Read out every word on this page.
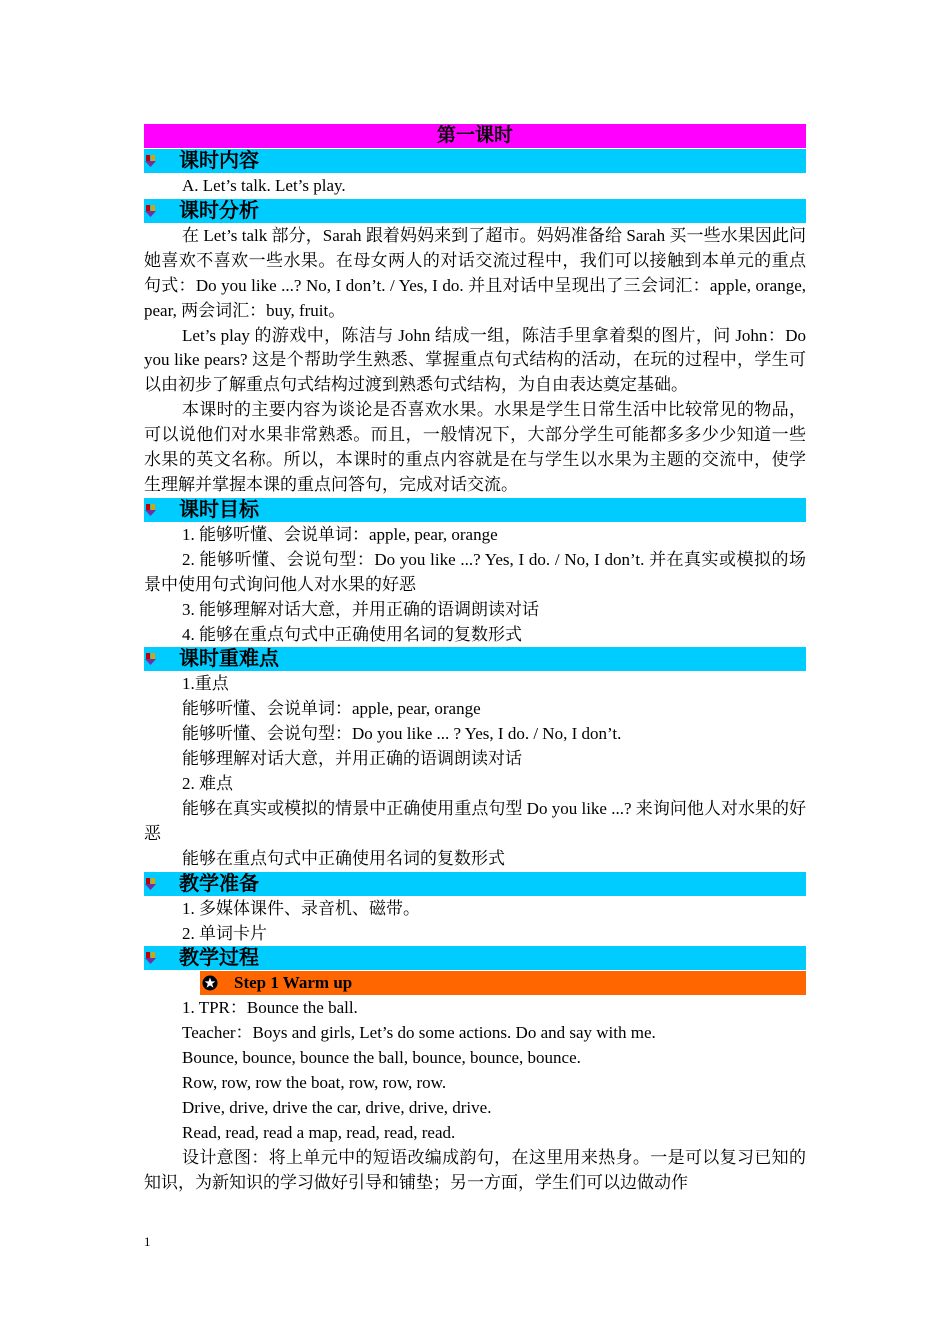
第一课时
课时内容

A. Let’s talk. Let’s play.

课时分析

在 Let’s talk 部分，Sarah 跟着妈妈来到了超市。妈妈准备给 Sarah 买一些水果因此问她喜欢不喜欢一些水果。在母女两人的对话交流过程中，我们可以接触到本单元的重点句式：Do you like ...? No, I don’t. / Yes, I do. 并且对话中呈现出了三会词汇：apple, orange, pear, 两会词汇：buy, fruit。

Let’s play 的游戏中，陈洁与 John 结成一组，陈洁手里拿着梨的图片，问 John：Do you like pears? 这是个帮助学生熟悉、掌握重点句式结构的活动，在玩的过程中，学生可以由初步了解重点句式结构过渡到熟悉句式结构，为自由表达奠定基础。

本课时的主要内容为谈论是否喜欢水果。水果是学生日常生活中比较常见的物品，可以说他们对水果非常熟悉。而且，一般情况下，大部分学生可能都多多少少知道一些水果的英文名称。所以，本课时的重点内容就是在与学生以水果为主题的交流中，使学生理解并掌握本课的重点问答句，完成对话交流。

课时目标

1. 能够听懂、会说单词：apple, pear, orange

2. 能够听懂、会说句型：Do you like ...? Yes, I do. / No, I don’t. 并在真实或模拟的场景中使用句式询问他人对水果的好恶

3. 能够理解对话大意，并用正确的语调朗读对话

4. 能够在重点句式中正确使用名词的复数形式

课时重难点

1.重点

能够听懂、会说单词：apple, pear, orange

能够听懂、会说句型：Do you like ... ? Yes, I do. / No, I don’t.

能够理解对话大意，并用正确的语调朗读对话

2. 难点

能够在真实或模拟的情景中正确使用重点句型 Do you like ...? 来询问他人对水果的好恶

能够在重点句式中正确使用名词的复数形式

教学准备

1. 多媒体课件、录音机、磁带。

2. 单词卡片

教学过程
Step 1 Warm up

1. TPR：Bounce the ball.

Teacher：Boys and girls, Let’s do some actions. Do and say with me.

Bounce, bounce, bounce the ball, bounce, bounce, bounce.

Row, row, row the boat, row, row, row.

Drive, drive, drive the car, drive, drive, drive.

Read, read, read a map, read, read, read.

设计意图：将上单元中的短语改编成韵句，在这里用来热身。一是可以复习已知的知识，为新知识的学习做好引导和铺垫；另一方面，学生们可以边做动作

1
